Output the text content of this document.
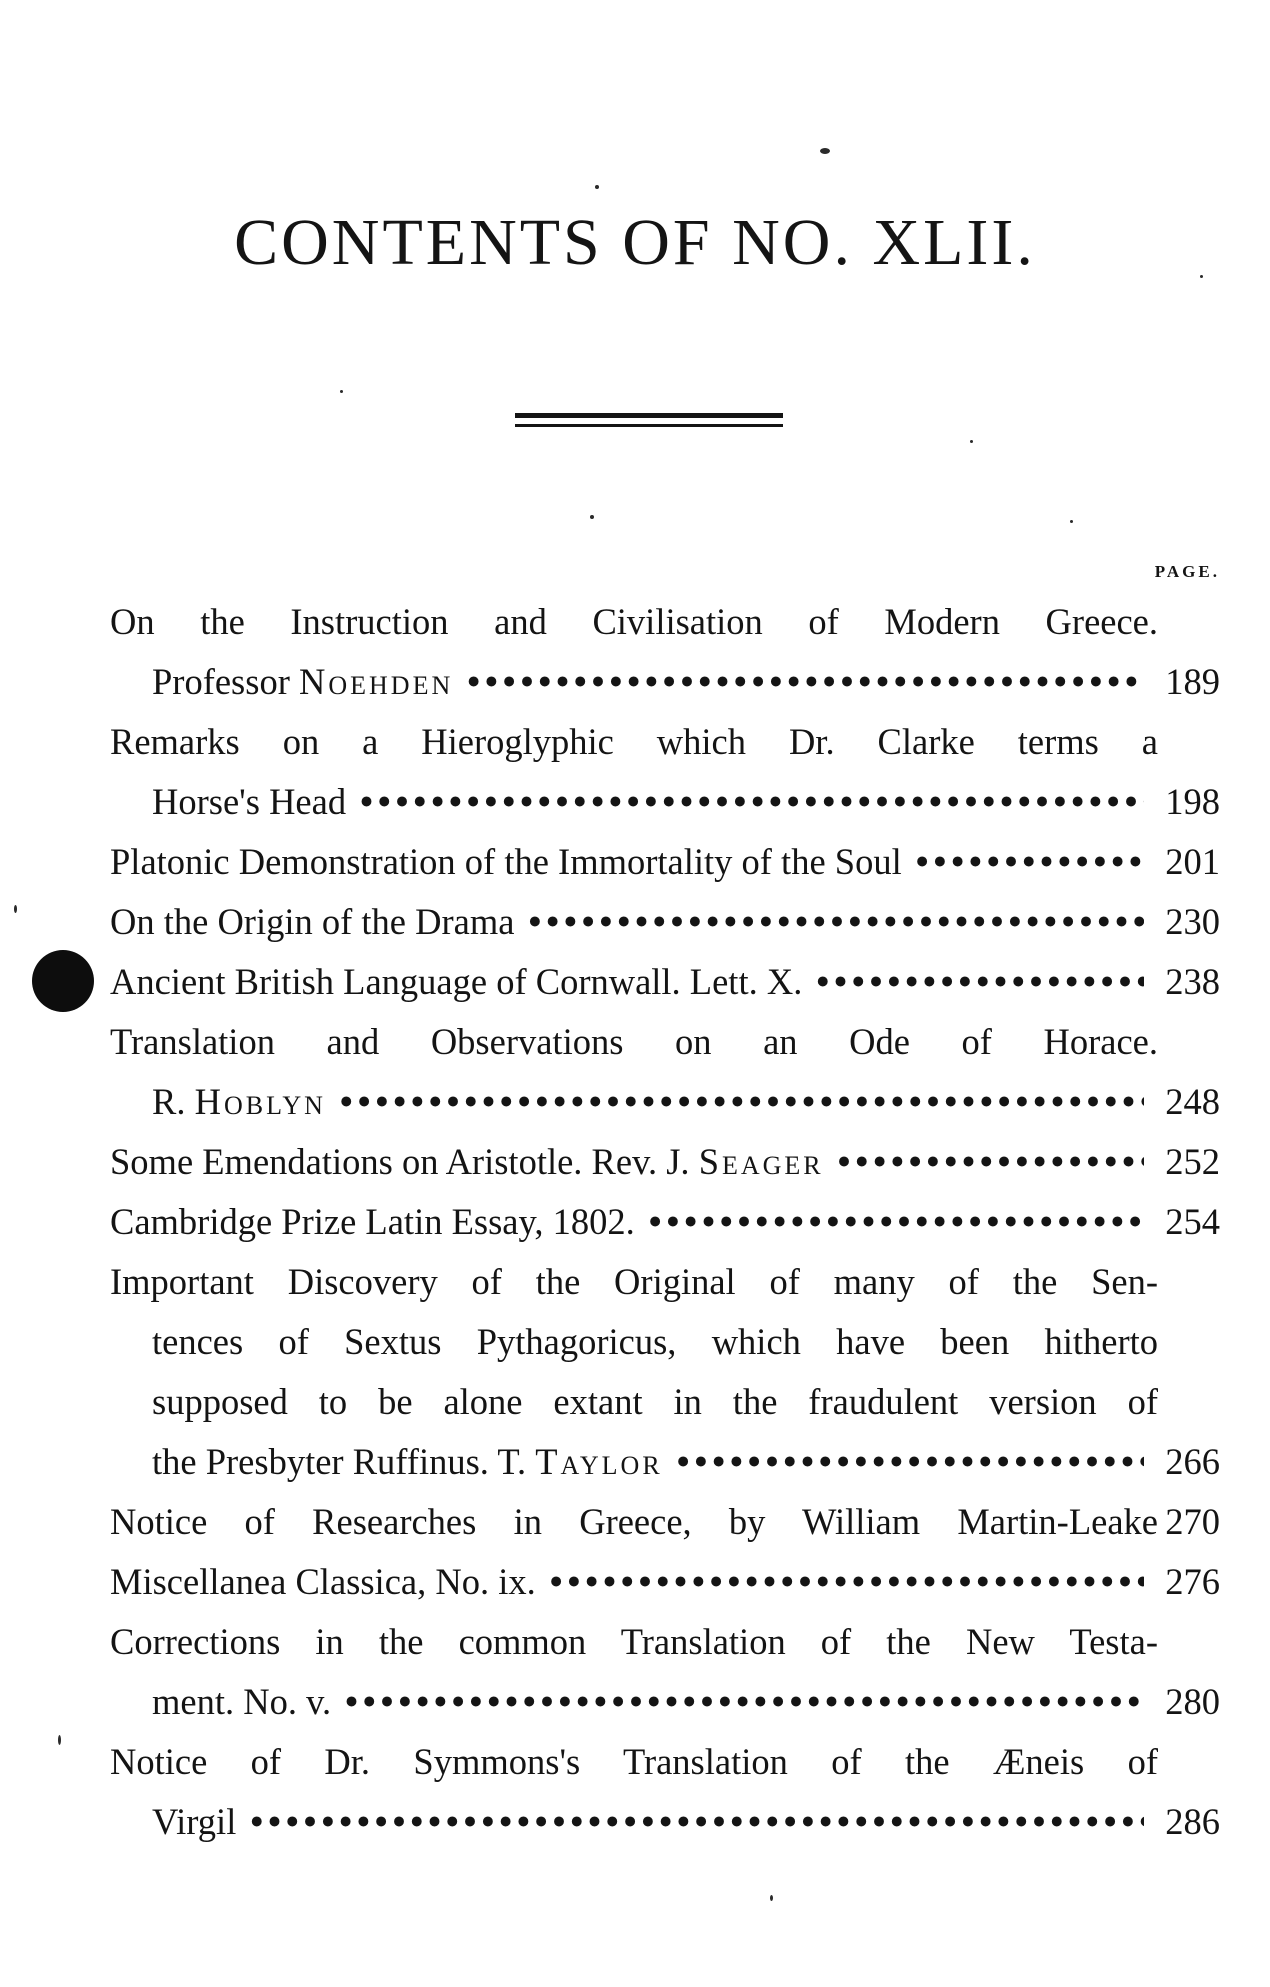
CONTENTS OF NO. XLII.
PAGE.
On the Instruction and Civilisation of Modern Greece.
Professor
Noehden •••••	189
Remarks on a Hieroglyphic which Dr. Clarke terms a
Horse's Head •••••	198
Platonic Demonstration of the Immortality of the Soul •••••	201
On the Origin of the Drama •••••	230
Ancient British Language of Cornwall. Lett. X. •••••	238
Translation and Observations on an Ode of Horace.
R.
Hoblyn •••••	248
Some Emendations on Aristotle. Rev. J.
Seager •••••	252
Cambridge Prize Latin Essay, 1802. •••••	254
Important Discovery of the Original of many of the Sen-
tences of Sextus Pythagoricus, which have been hitherto
supposed to be alone extant in the fraudulent version of
the Presbyter Ruffinus. T.
Taylor •••••	266
Notice of Researches in Greece, by William Martin-Leake 270
Miscellanea Classica, No. ix. •••••	276
Corrections in the common Translation of the New Testa-
ment. No. v. •••••	280
Notice of Dr. Symmons's Translation of the Æneis of
Virgil •••••	286
